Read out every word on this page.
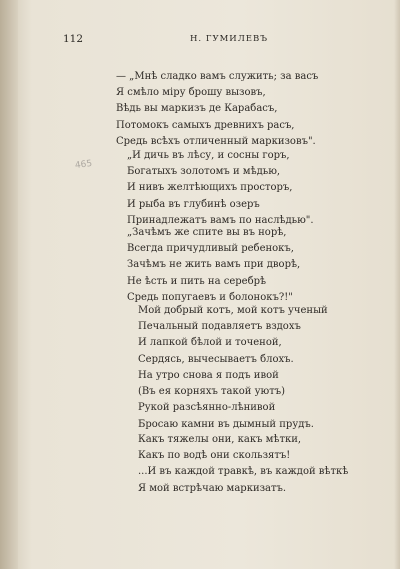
112	Н. ГУМИЛЕВЪ
465
— „Мнѣ сладко вамъ служить; за васъ
Я смѣло міру брошу вызовъ,
Вѣдь вы маркизъ де Карабасъ,
Потомокъ самыхъ древнихъ расъ,
Средь всѣхъ отличенный маркизовъ".
„И дичь въ лѣсу, и сосны горъ,
Богатыхъ золотомъ и мѣдью,
И нивъ желтѣющихъ просторъ,
И рыба въ глубинѣ озеръ
Принадлежатъ вамъ по наслѣдью".
„Зачѣмъ же спите вы въ норѣ,
Всегда причудливый ребенокъ,
Зачѣмъ не жить вамъ при дворѣ,
Не ѣсть и пить на серебрѣ
Средь попугаевъ и болонокъ?!"
Мой добрый котъ, мой котъ ученый
Печальный подавляетъ вздохъ
И лапкой бѣлой и точеной,
Сердясь, вычесываетъ блохъ.
На утро снова я подъ ивой
(Въ ея корняхъ такой уютъ)
Рукой разсѣянно-лѣнивой
Бросаю камни въ дымный прудъ.
Какъ тяжелы они, какъ мѣтки,
Какъ по водѣ они скользятъ!
...И въ каждой травкѣ, въ каждой вѣткѣ
Я мой встрѣчаю маркизатъ.
